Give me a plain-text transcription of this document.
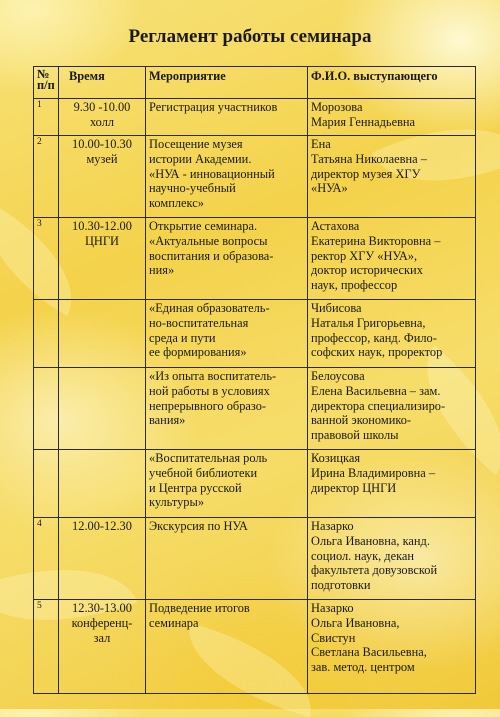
Регламент работы семинара
№
п/п	Время	Мероприятие	Ф.И.О. выступающего
1	9.30 -10.00
холл	Регистрация участников	Морозова
Мария Геннадьевна

2	10.00-10.30
музей	Посещение музея
истории Академии.
«НУА - инновационный
научно-учебный
комплекс»	Ена
Татьяна Николаевна –
директор музея ХГУ
«НУА»

3	10.30-12.00
ЦНГИ	Открытие семинара.
«Актуальные вопросы
воспитания и образова-
ния»	Астахова
Екатерина Викторовна –
ректор ХГУ «НУА»,
доктор исторических
наук, профессор

		«Единая образователь-
но-воспитательная
среда и пути
ее формирования»	Чибисова
Наталья Григорьевна,
профессор, канд. Фило-
софских наук, проректор

		«Из опыта воспитатель-
ной работы в условиях
непрерывного образо-
вания»	Белоусова
Елена Васильевна – зам.
директора специализиро-
ванной экономико-
правовой школы

		«Воспитательная роль
учебной библиотеки
и Центра русской
культуры»	Козицкая
Ирина Владимировна –
директор ЦНГИ

4	12.00-12.30	Экскурсия по НУА	Назарко
Ольга Ивановна, канд.
социол. наук, декан
факультета довузовской
подготовки

5	12.30-13.00
конференц-
зал	Подведение итогов
семинара	Назарко
Ольга Ивановна,
Свистун
Светлана Васильевна,
зав. метод. центром
